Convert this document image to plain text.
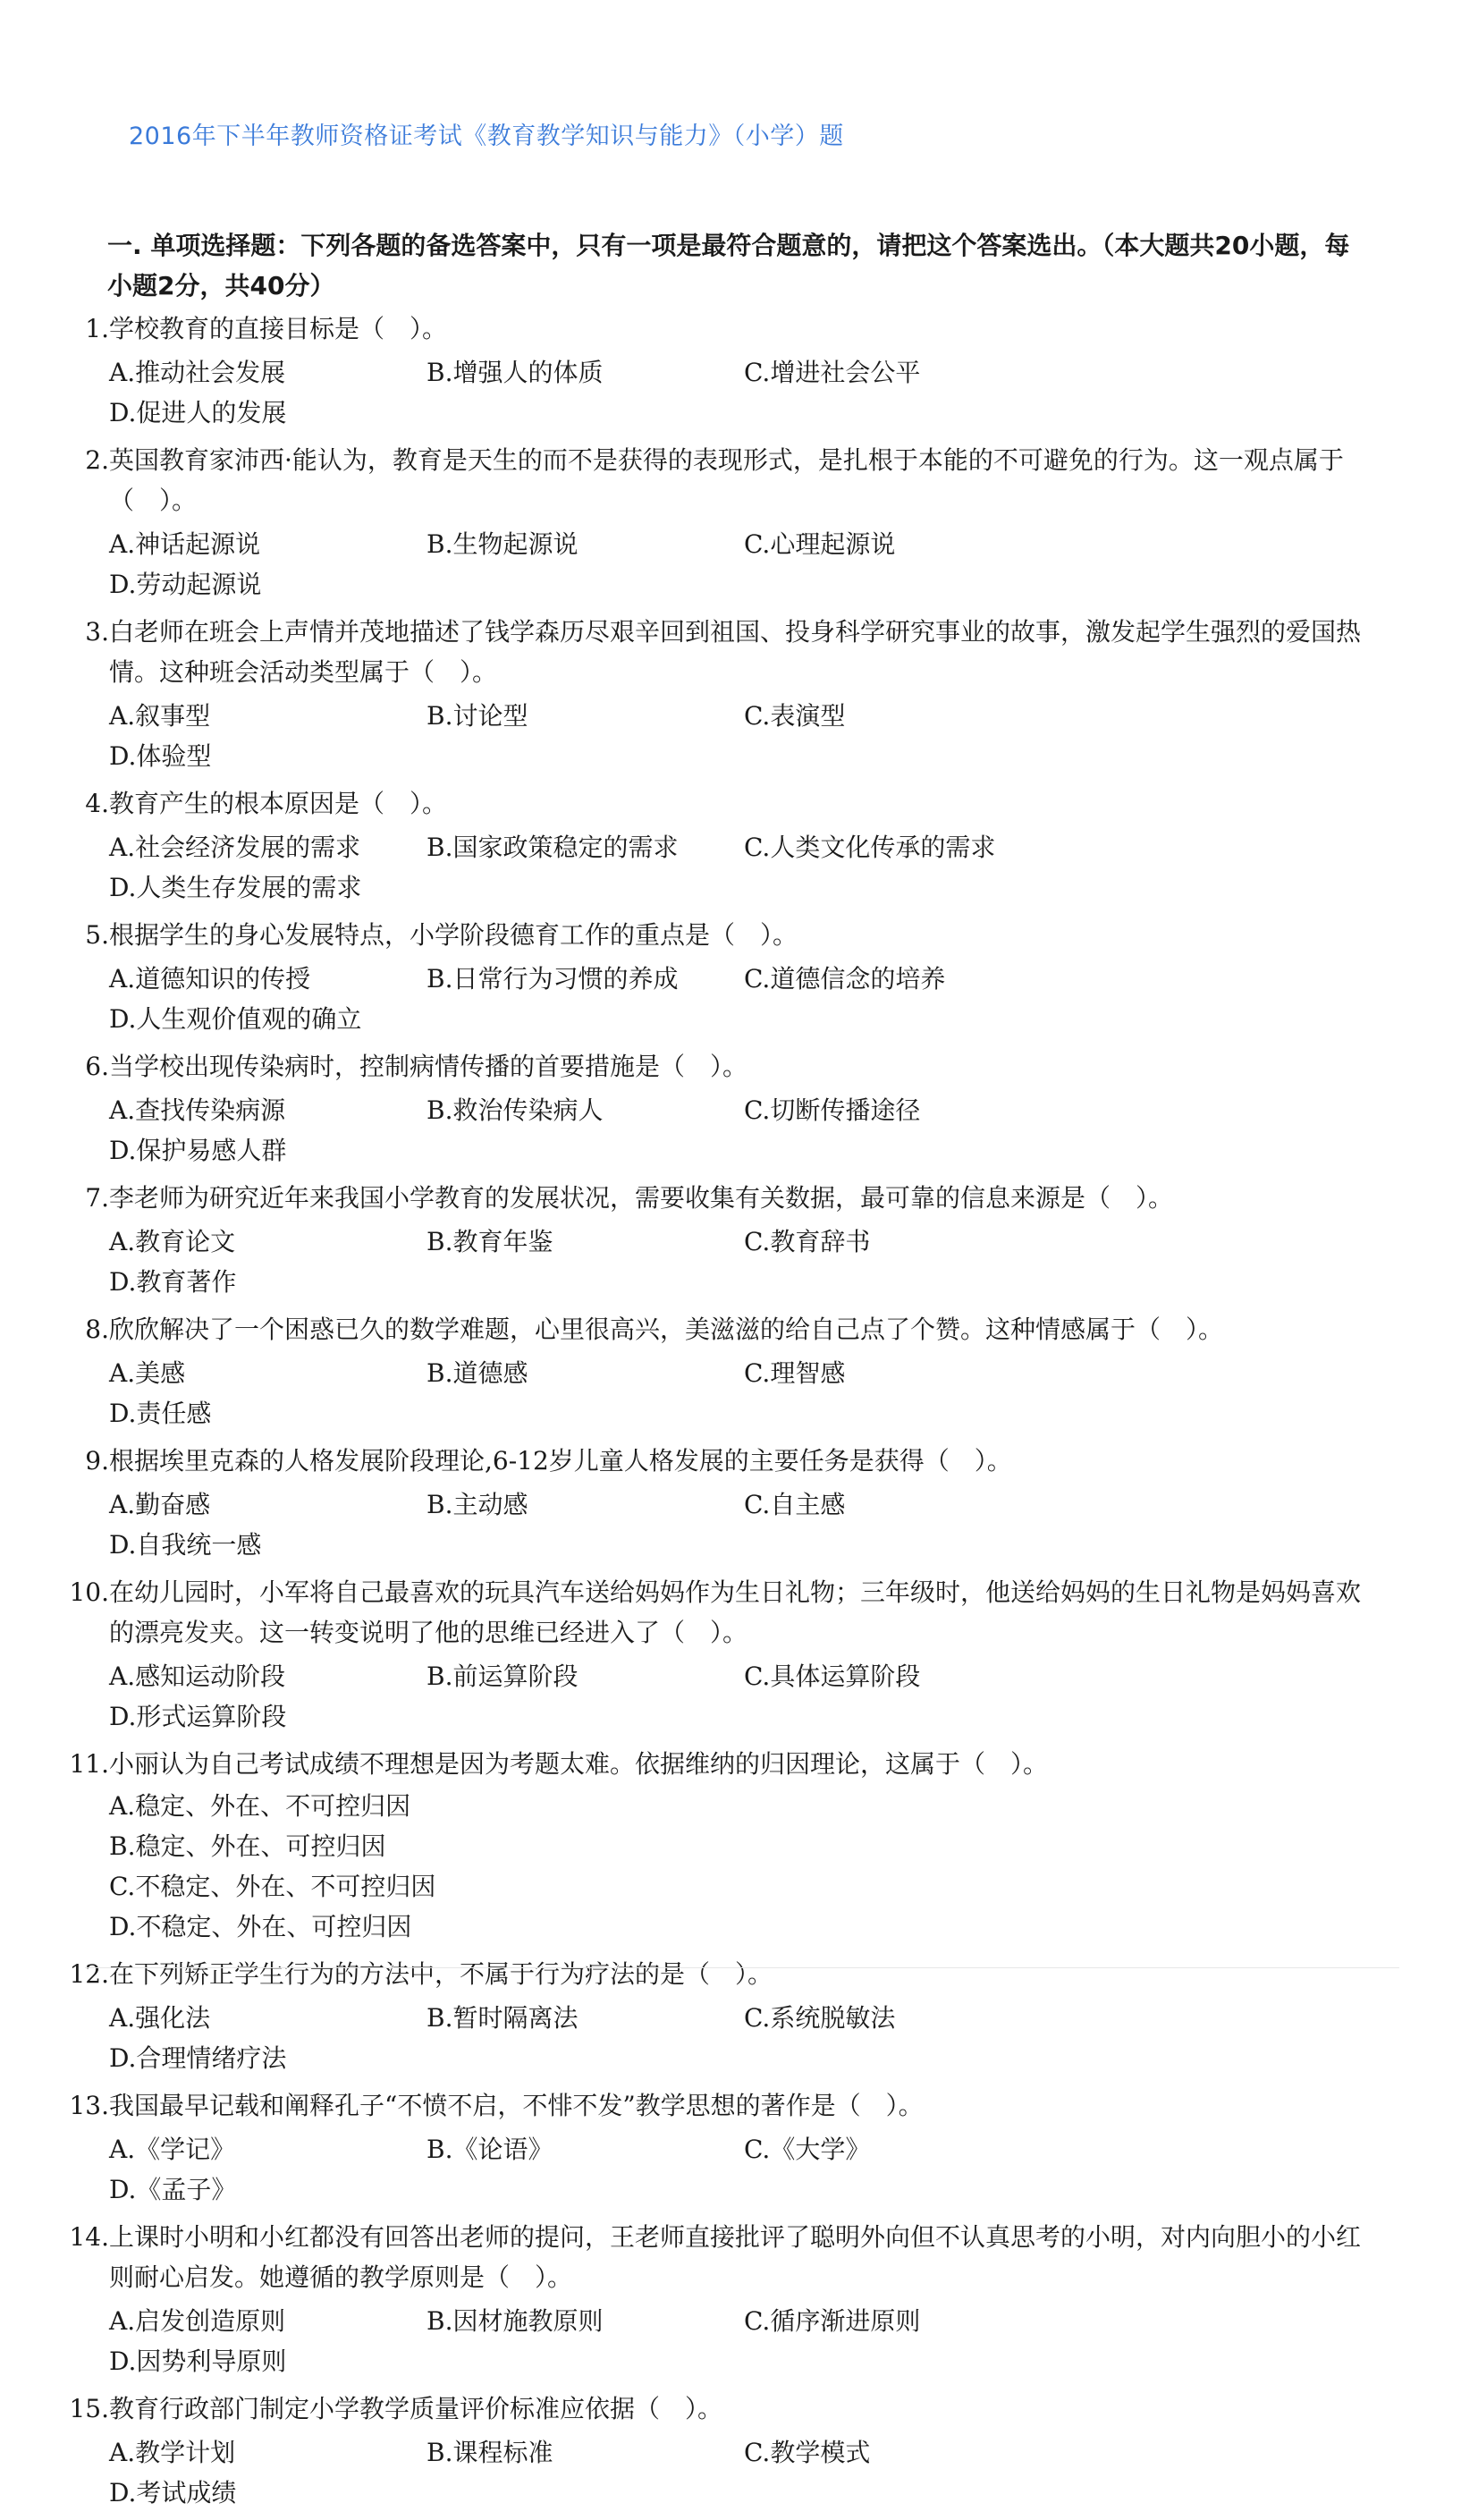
2016年下半年教师资格证考试《教育教学知识与能力》（小学）题
一. 单项选择题：下列各题的备选答案中，只有一项是最符合题意的，请把这个答案选出。（本大题共20小题，每小题2分，共40分）
1. 学校教育的直接目标是（　）。
A.推动社会发展	B.增强人的体质	C.增进社会公平
D.促进人的发展
2. 英国教育家沛西·能认为，教育是天生的而不是获得的表现形式，是扎根于本能的不可避免的行为。这一观点属于（　）。
A.神话起源说	B.生物起源说	C.心理起源说
D.劳动起源说
3. 白老师在班会上声情并茂地描述了钱学森历尽艰辛回到祖国、投身科学研究事业的故事，激发起学生强烈的爱国热情。这种班会活动类型属于（　）。
A.叙事型	B.讨论型	C.表演型
D.体验型
4. 教育产生的根本原因是（　）。
A.社会经济发展的需求	B.国家政策稳定的需求	C.人类文化传承的需求
D.人类生存发展的需求
5. 根据学生的身心发展特点，小学阶段德育工作的重点是（　）。
A.道德知识的传授	B.日常行为习惯的养成	C.道德信念的培养
D.人生观价值观的确立
6. 当学校出现传染病时，控制病情传播的首要措施是（　）。
A.查找传染病源	B.救治传染病人	C.切断传播途径
D.保护易感人群
7. 李老师为研究近年来我国小学教育的发展状况，需要收集有关数据，最可靠的信息来源是（　）。
A.教育论文	B.教育年鉴	C.教育辞书
D.教育著作
8. 欣欣解决了一个困惑已久的数学难题，心里很高兴，美滋滋的给自己点了个赞。这种情感属于（　）。
A.美感	B.道德感	C.理智感
D.责任感
9. 根据埃里克森的人格发展阶段理论,6-12岁儿童人格发展的主要任务是获得（　）。
A.勤奋感	B.主动感	C.自主感
D.自我统一感
10. 在幼儿园时，小军将自己最喜欢的玩具汽车送给妈妈作为生日礼物；三年级时，他送给妈妈的生日礼物是妈妈喜欢的漂亮发夹。这一转变说明了他的思维已经进入了（　）。
A.感知运动阶段	B.前运算阶段	C.具体运算阶段
D.形式运算阶段
11. 小丽认为自己考试成绩不理想是因为考题太难。依据维纳的归因理论，这属于（　）。
A.稳定、外在、不可控归因
B.稳定、外在、可控归因
C.不稳定、外在、不可控归因
D.不稳定、外在、可控归因
12. 在下列矫正学生行为的方法中，不属于行为疗法的是（　）。
A.强化法	B.暂时隔离法	C.系统脱敏法
D.合理情绪疗法
13. 我国最早记载和阐释孔子“不愤不启，不悱不发”教学思想的著作是（　）。
A.《学记》	B.《论语》	C.《大学》
D.《孟子》
14. 上课时小明和小红都没有回答出老师的提问，王老师直接批评了聪明外向但不认真思考的小明，对内向胆小的小红则耐心启发。她遵循的教学原则是（　）。
A.启发创造原则	B.因材施教原则	C.循序渐进原则
D.因势利导原则
15. 教育行政部门制定小学教学质量评价标准应依据（　）。
A.教学计划	B.课程标准	C.教学模式
D.考试成绩
